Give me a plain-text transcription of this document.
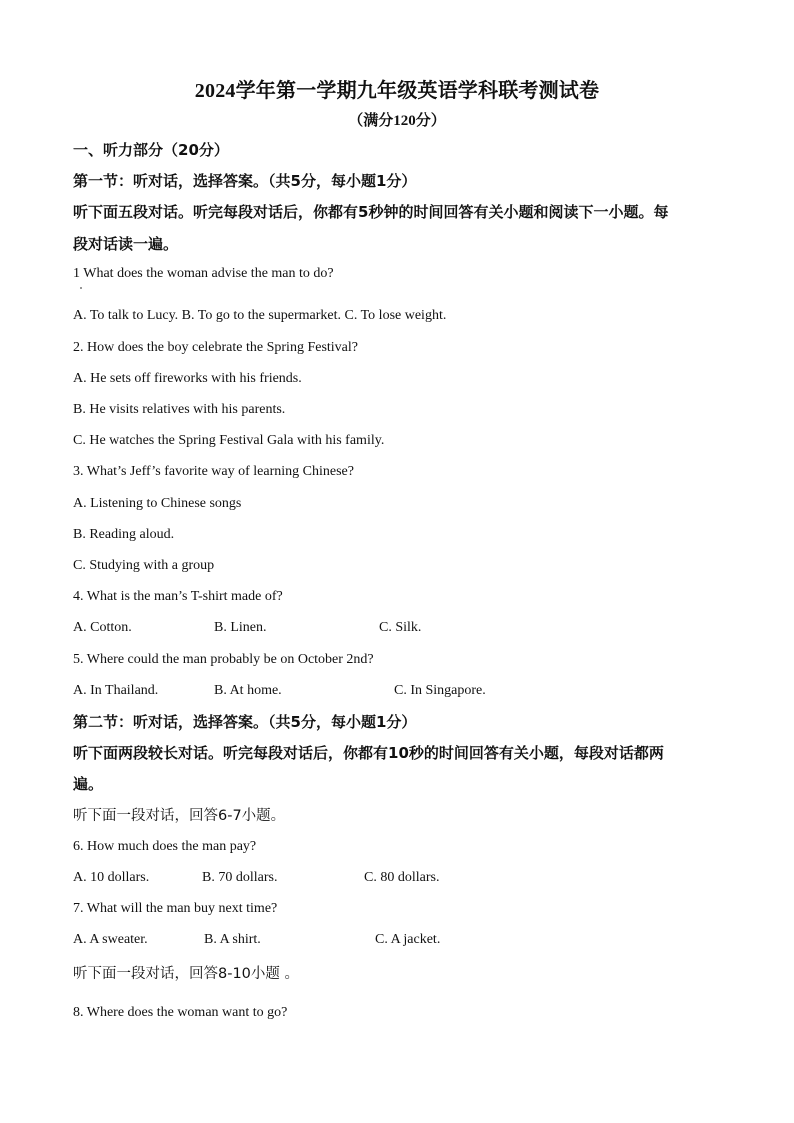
2024学年第一学期九年级英语学科联考测试卷
（满分120分）
一、听力部分（20分）
第一节：听对话，选择答案。（共5分，每小题1分）
听下面五段对话。听完每段对话后，你都有5秒钟的时间回答有关小题和阅读下一小题。每
段对话读一遍。
1 What does the woman advise the man to do?
A. To talk to Lucy. B. To go to the supermarket. C. To lose weight.
2. How does the boy celebrate the Spring Festival?
A. He sets off fireworks with his friends.
B. He visits relatives with his parents.
C. He watches the Spring Festival Gala with his family.
3. What’s Jeff’s favorite way of learning Chinese?
A. Listening to Chinese songs
B. Reading aloud.
C. Studying with a group
4. What is the man’s T-shirt made of?
A. Cotton.	B. Linen.	C. Silk.
5. Where could the man probably be on October 2nd?
A. In Thailand.	B. At home.	C. In Singapore.
第二节：听对话，选择答案。（共5分，每小题1分）
听下面两段较长对话。听完每段对话后，你都有10秒的时间回答有关小题，每段对话都两
遍。
听下面一段对话，回答6-7小题。
6. How much does the man pay?
A. 10 dollars.	B. 70 dollars.	C. 80 dollars.
7. What will the man buy next time?
A. A sweater.	B. A shirt.	C. A jacket.
听下面一段对话，回答8-10小题 。
8. Where does the woman want to go?
